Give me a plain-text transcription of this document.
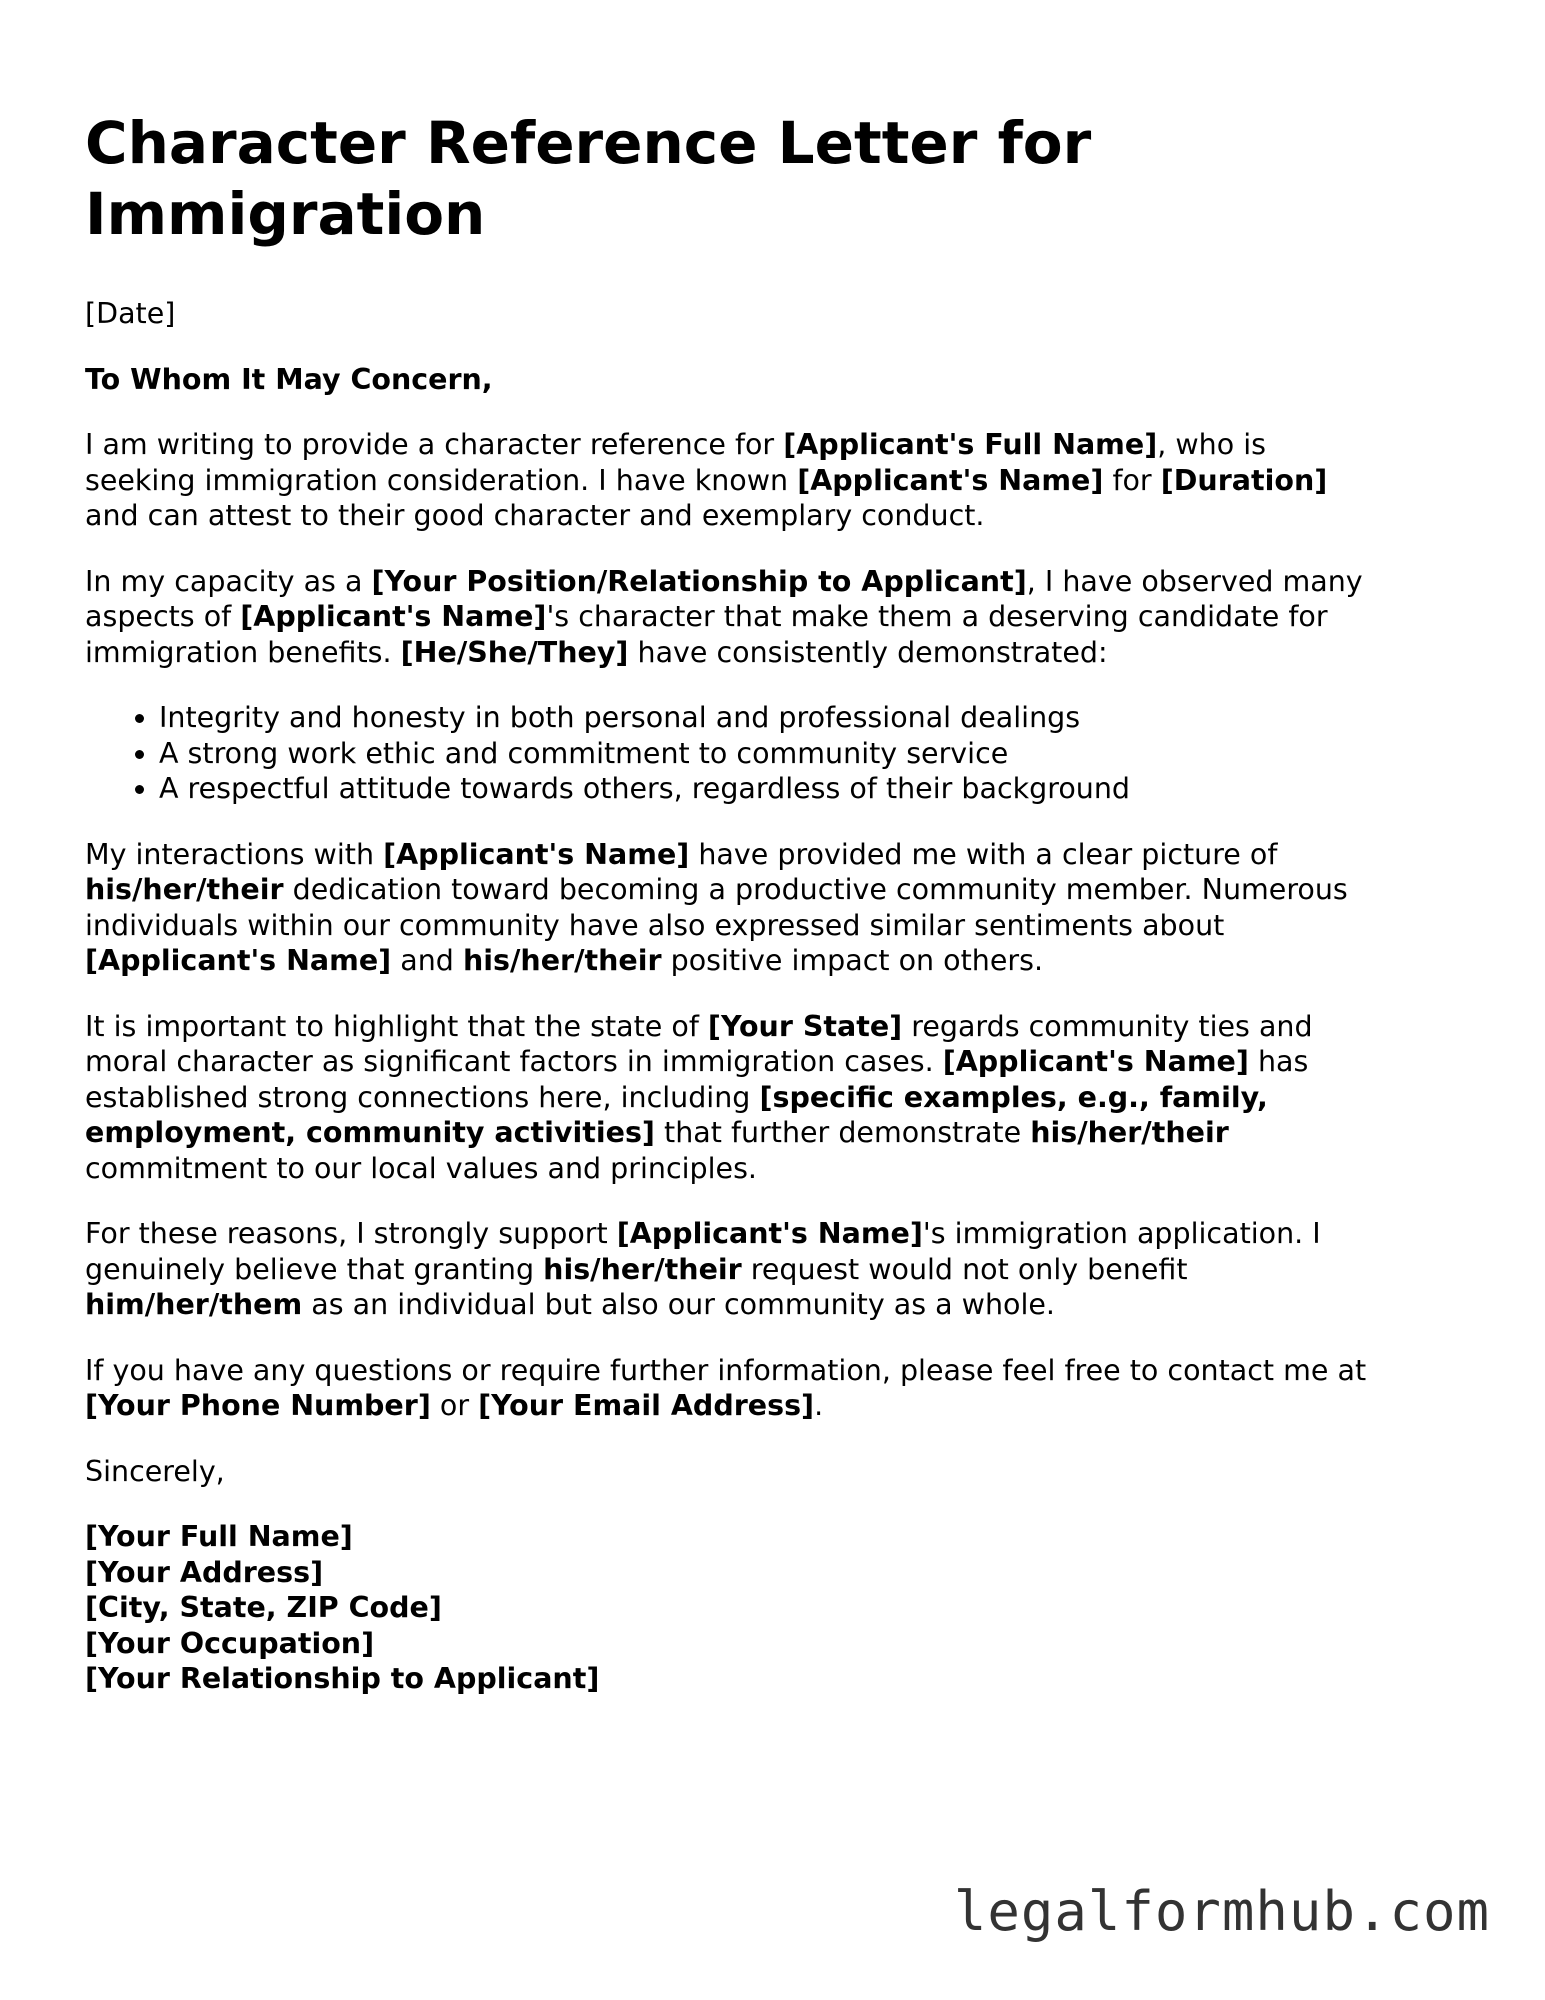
Character Reference Letter for Immigration

[Date]

To Whom It May Concern,

I am writing to provide a character reference for [Applicant's Full Name], who is
seeking immigration consideration. I have known [Applicant's Name] for [Duration]
and can attest to their good character and exemplary conduct.

In my capacity as a [Your Position/Relationship to Applicant], I have observed many
aspects of [Applicant's Name]'s character that make them a deserving candidate for
immigration benefits. [He/She/They] have consistently demonstrated:

• Integrity and honesty in both personal and professional dealings
• A strong work ethic and commitment to community service
• A respectful attitude towards others, regardless of their background

My interactions with [Applicant's Name] have provided me with a clear picture of
his/her/their dedication toward becoming a productive community member. Numerous
individuals within our community have also expressed similar sentiments about
[Applicant's Name] and his/her/their positive impact on others.

It is important to highlight that the state of [Your State] regards community ties and
moral character as significant factors in immigration cases. [Applicant's Name] has
established strong connections here, including [specific examples, e.g., family,
employment, community activities] that further demonstrate his/her/their
commitment to our local values and principles.

For these reasons, I strongly support [Applicant's Name]'s immigration application. I
genuinely believe that granting his/her/their request would not only benefit
him/her/them as an individual but also our community as a whole.

If you have any questions or require further information, please feel free to contact me at
[Your Phone Number] or [Your Email Address].

Sincerely,

[Your Full Name]

[Your Address]

[City, State, ZIP Code]

[Your Occupation]

[Your Relationship to Applicant]

legalformhub.com
